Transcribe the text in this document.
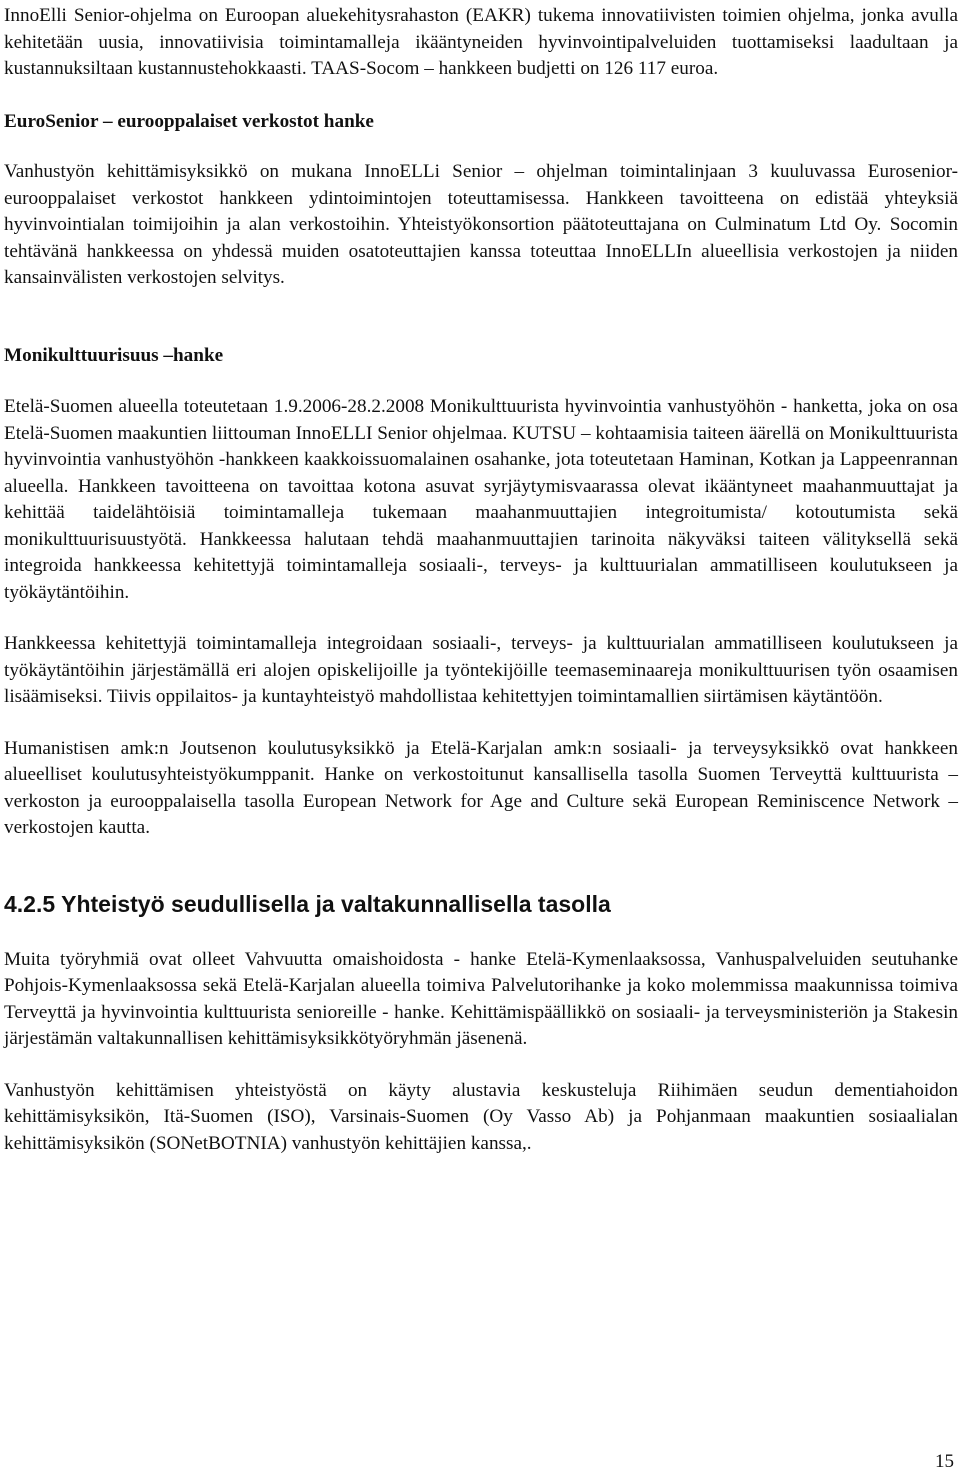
InnoElli Senior-ohjelma on Euroopan aluekehitysrahaston (EAKR) tukema innovatiivisten toimien ohjelma, jonka avulla kehitetään uusia, innovatiivisia toimintamalleja ikääntyneiden hyvinvointipalveluiden tuottamiseksi laadultaan ja kustannuksiltaan kustannustehokkaasti. TAAS-Socom – hankkeen budjetti on 126 117 euroa.

EuroSenior – eurooppalaiset verkostot hanke

Vanhustyön kehittämisyksikkö on mukana InnoELLi Senior – ohjelman toimintalinjaan 3 kuuluvassa Eurosenior- eurooppalaiset verkostot hankkeen ydintoimintojen toteuttamisessa. Hankkeen tavoitteena on edistää yhteyksiä hyvinvointialan toimijoihin ja alan verkostoihin. Yhteistyökonsortion päätoteuttajana on Culminatum Ltd Oy. Socomin tehtävänä hankkeessa on yhdessä muiden osatoteuttajien kanssa toteuttaa InnoELLIn alueellisia verkostojen ja niiden kansainvälisten verkostojen selvitys.

Monikulttuurisuus –hanke

Etelä-Suomen alueella toteutetaan 1.9.2006-28.2.2008 Monikulttuurista hyvinvointia vanhustyöhön - hanketta, joka on osa Etelä-Suomen maakuntien liittouman InnoELLI Senior ohjelmaa. KUTSU – kohtaamisia taiteen äärellä on Monikulttuurista hyvinvointia vanhustyöhön -hankkeen kaakkoissuomalainen osahanke, jota toteutetaan Haminan, Kotkan ja Lappeenrannan alueella. Hankkeen tavoitteena on tavoittaa kotona asuvat syrjäytymisvaarassa olevat ikääntyneet maahanmuuttajat ja kehittää taidelähtöisiä toimintamalleja tukemaan maahanmuuttajien integroitumista/ kotoutumista sekä monikulttuurisuustyötä. Hankkeessa halutaan tehdä maahanmuuttajien tarinoita näkyväksi taiteen välityksellä sekä integroida hankkeessa kehitettyjä toimintamalleja sosiaali-, terveys- ja kulttuurialan ammatilliseen koulutukseen ja työkäytäntöihin.

Hankkeessa kehitettyjä toimintamalleja integroidaan sosiaali-, terveys- ja kulttuurialan ammatilliseen koulutukseen ja työkäytäntöihin järjestämällä eri alojen opiskelijoille ja työntekijöille teemaseminaareja monikulttuurisen työn osaamisen lisäämiseksi. Tiivis oppilaitos- ja kuntayhteistyö mahdollistaa kehitettyjen toimintamallien siirtämisen käytäntöön.

Humanistisen amk:n Joutsenon koulutusyksikkö ja Etelä-Karjalan amk:n sosiaali- ja terveysyksikkö ovat hankkeen alueelliset koulutusyhteistyökumppanit. Hanke on verkostoitunut kansallisella tasolla Suomen Terveyttä kulttuurista –verkoston ja eurooppalaisella tasolla European Network for Age and Culture sekä European Reminiscence Network –verkostojen kautta.

4.2.5 Yhteistyö seudullisella ja valtakunnallisella tasolla

Muita työryhmiä ovat olleet Vahvuutta omaishoidosta - hanke Etelä-Kymenlaaksossa, Vanhuspalveluiden seutuhanke Pohjois-Kymenlaaksossa sekä Etelä-Karjalan alueella toimiva Palvelutorihanke ja koko molemmissa maakunnissa toimiva Terveyttä ja hyvinvointia kulttuurista senioreille - hanke. Kehittämispäällikkö on sosiaali- ja terveysministeriön ja Stakesin järjestämän valtakunnallisen kehittämisyksikkötyöryhmän jäsenenä.

Vanhustyön kehittämisen yhteistyöstä on käyty alustavia keskusteluja Riihimäen seudun dementiahoidon kehittämisyksikön, Itä-Suomen (ISO), Varsinais-Suomen (Oy Vasso Ab) ja Pohjanmaan maakuntien sosiaalialan kehittämisyksikön (SONetBOTNIA) vanhustyön kehittäjien kanssa,.

15
